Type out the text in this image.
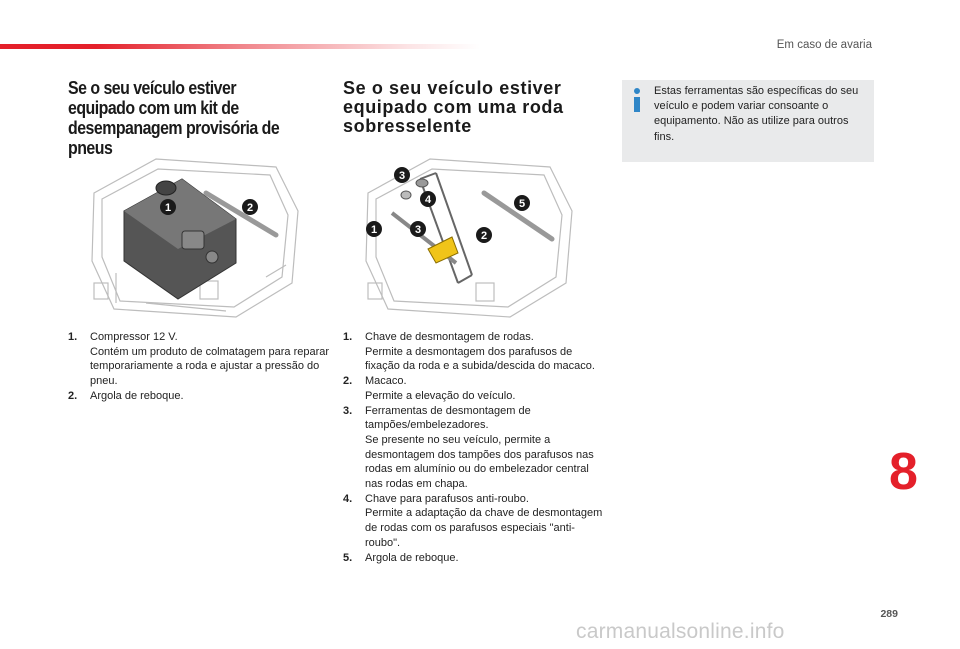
Em caso de avaria
Se o seu veículo estiver equipado com um kit de desempanagem provisória de pneus
1	2
1.	Compressor 12 V.
Contém um produto de colmatagem para reparar temporariamente a roda e ajustar a pressão do pneu.
2.	Argola de reboque.
Se o seu veículo estiver equipado com uma roda sobresselente
3
4
1	3	2
5
1.	Chave de desmontagem de rodas.
Permite a desmontagem dos parafusos de fixação da roda e a subida/descida do macaco.
2.	Macaco.
Permite a elevação do veículo.
3.	Ferramentas de desmontagem de tampões/embelezadores.
Se presente no seu veículo, permite a desmontagem dos tampões dos parafusos nas rodas em alumínio ou do embelezador central nas rodas em chapa.
4.	Chave para parafusos anti-roubo.
Permite a adaptação da chave de desmontagem de rodas com os parafusos especiais "anti-roubo".
5.	Argola de reboque.
Estas ferramentas são específicas do seu veículo e podem variar consoante o equipamento. Não as utilize para outros fins.
8
289
carmanualsonline.info
